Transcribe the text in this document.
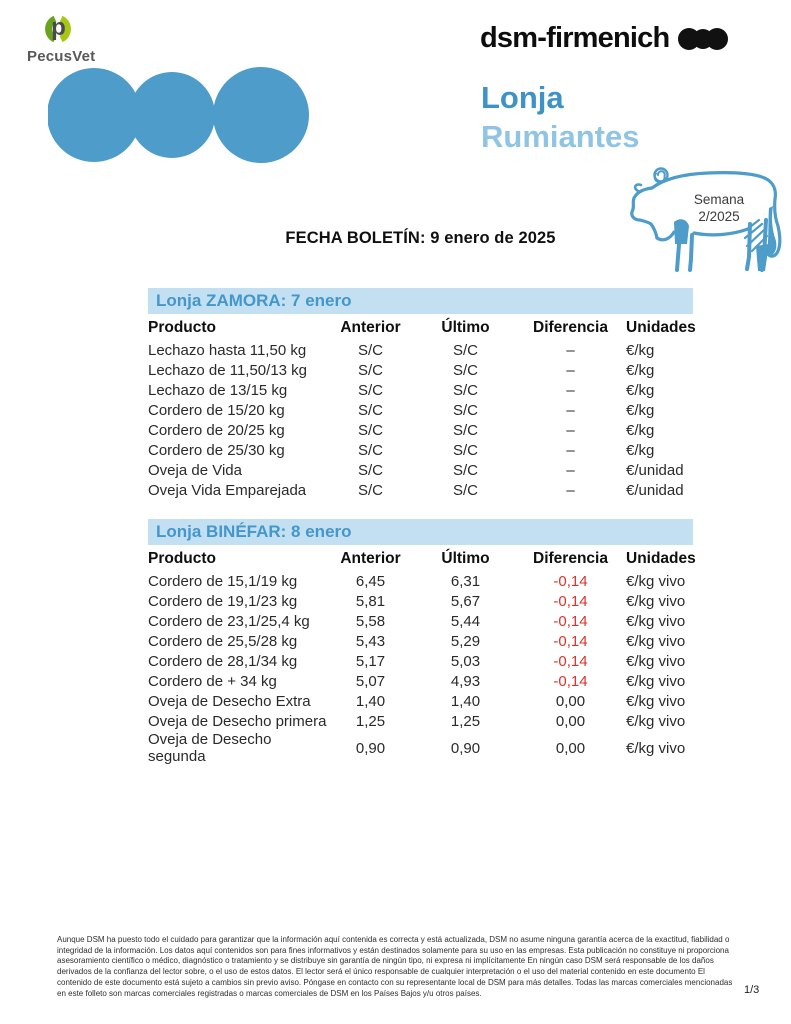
p
PecusVet
dsm-firmenich
Lonja
Rumiantes
Semana
2/2025
FECHA BOLETÍN: 9 enero de 2025
Lonja ZAMORA: 7 enero
Producto	Anterior	Último	Diferencia	Unidades
Lechazo hasta 11,50 kg	S/C	S/C	–	€/kg
Lechazo de 11,50/13 kg	S/C	S/C	–	€/kg
Lechazo de 13/15 kg	S/C	S/C	–	€/kg
Cordero de 15/20 kg	S/C	S/C	–	€/kg
Cordero de 20/25 kg	S/C	S/C	–	€/kg
Cordero de 25/30 kg	S/C	S/C	–	€/kg
Oveja de Vida	S/C	S/C	–	€/unidad
Oveja Vida Emparejada	S/C	S/C	–	€/unidad
Lonja BINÉFAR: 8 enero
Producto	Anterior	Último	Diferencia	Unidades
Cordero de 15,1/19 kg	6,45	6,31	-0,14	€/kg vivo
Cordero de 19,1/23 kg	5,81	5,67	-0,14	€/kg vivo
Cordero de 23,1/25,4 kg	5,58	5,44	-0,14	€/kg vivo
Cordero de 25,5/28 kg	5,43	5,29	-0,14	€/kg vivo
Cordero de 28,1/34 kg	5,17	5,03	-0,14	€/kg vivo
Cordero de + 34 kg	5,07	4,93	-0,14	€/kg vivo
Oveja de Desecho Extra	1,40	1,40	0,00	€/kg vivo
Oveja de Desecho primera	1,25	1,25	0,00	€/kg vivo
Oveja de Desecho segunda	0,90	0,90	0,00	€/kg vivo
Aunque DSM ha puesto todo el cuidado para garantizar que la información aquí contenida es correcta y está actualizada, DSM no asume ninguna garantía acerca de la exactitud, fiabilidad o integridad de la información. Los datos aquí contenidos son para fines informativos y están destinados solamente para su uso en las empresas. Esta publicación no constituye ni proporciona asesoramiento científico o médico, diagnóstico o tratamiento y se distribuye sin garantía de ningún tipo, ni expresa ni implícitamente En ningún caso DSM será responsable de los daños derivados de la confianza del lector sobre, o el uso de estos datos. El lector será el único responsable de cualquier interpretación o el uso del material contenido en este documento El contenido de este documento está sujeto a cambios sin previo aviso. Póngase en contacto con su representante local de DSM para más detalles. Todas las marcas comerciales mencionadas en este folleto son marcas comerciales registradas o marcas comerciales de DSM en los Países Bajos y/u otros países.	1/3
